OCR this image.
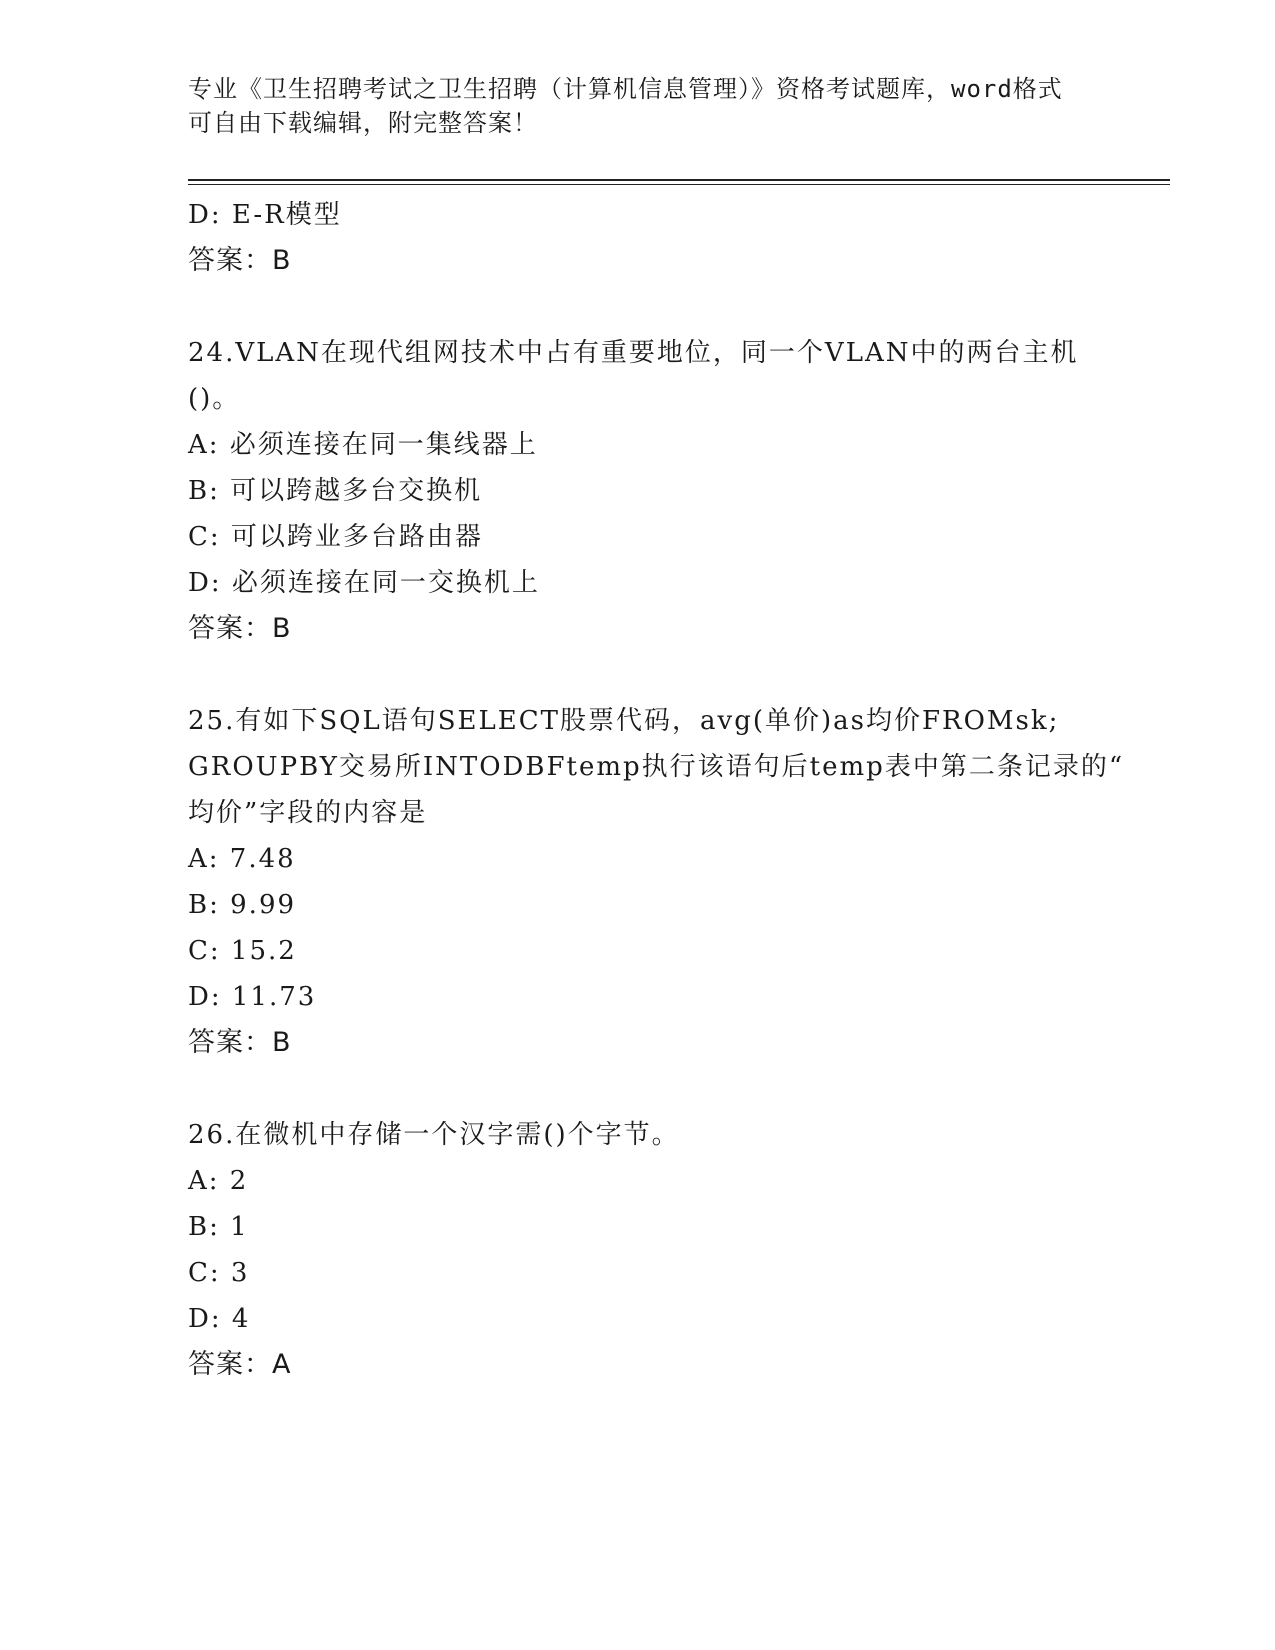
专业《卫生招聘考试之卫生招聘（计算机信息管理）》资格考试题库，word格式
可自由下载编辑，附完整答案！
D: E-R模型
答案：B
24.VLAN在现代组网技术中占有重要地位，同一个VLAN中的两台主机
()。
A: 必须连接在同一集线器上
B: 可以跨越多台交换机
C: 可以跨业多台路由器
D: 必须连接在同一交换机上
答案：B
25.有如下SQL语句SELECT股票代码，avg(单价)as均价FROMsk;
GROUPBY交易所INTODBFtemp执行该语句后temp表中第二条记录的“
均价”字段的内容是
A: 7.48
B: 9.99
C: 15.2
D: 11.73
答案：B
26.在微机中存储一个汉字需()个字节。
A: 2
B: 1
C: 3
D: 4
答案：A
